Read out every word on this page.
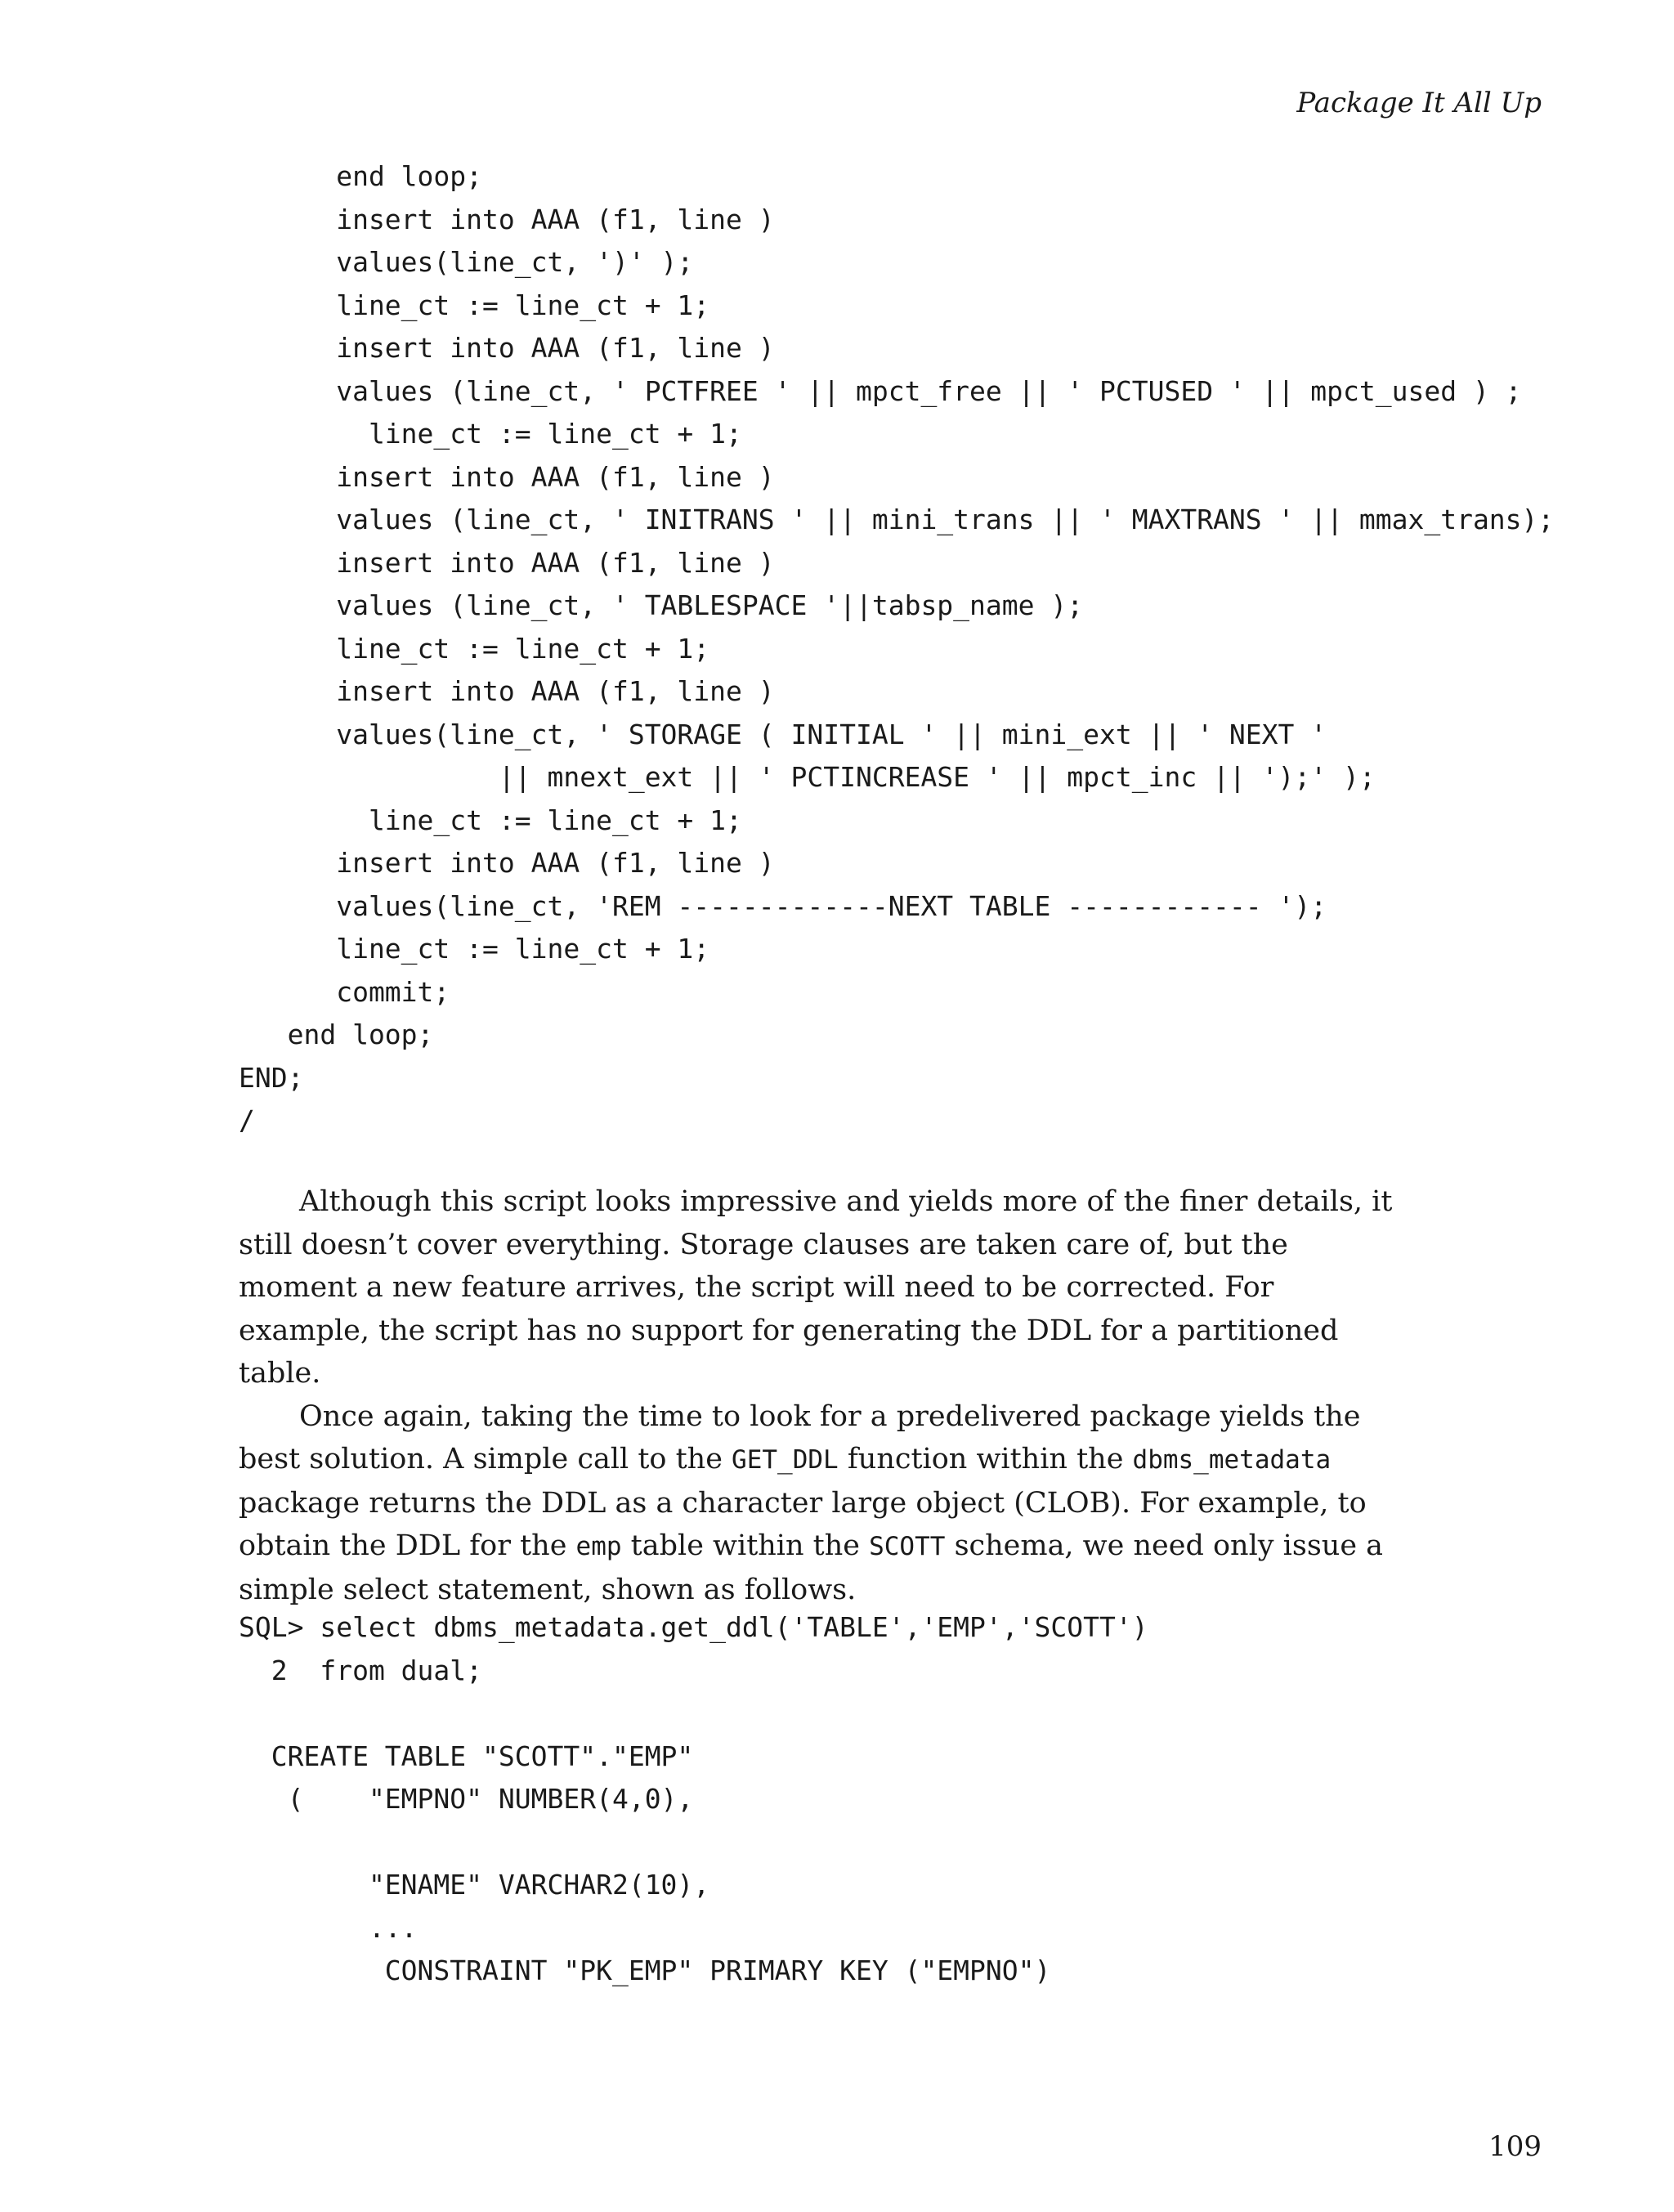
Package It All Up

end loop;
insert into AAA (f1, line )
values(line_ct, ')' );
line_ct := line_ct + 1;
insert into AAA (f1, line )
values (line_ct, ' PCTFREE ' || mpct_free || ' PCTUSED ' || mpct_used ) ;
line_ct := line_ct + 1;
insert into AAA (f1, line )
values (line_ct, ' INITRANS ' || mini_trans || ' MAXTRANS ' || mmax_trans);
insert into AAA (f1, line )
values (line_ct, ' TABLESPACE '||tabsp_name );
line_ct := line_ct + 1;
insert into AAA (f1, line )
values(line_ct, ' STORAGE ( INITIAL ' || mini_ext || ' NEXT '
|| mnext_ext || ' PCTINCREASE ' || mpct_inc || ');' );
line_ct := line_ct + 1;
insert into AAA (f1, line )
values(line_ct, 'REM -------------NEXT TABLE ------------ ');
line_ct := line_ct + 1;
commit;
end loop;
END;
/

Although this script looks impressive and yields more of the finer details, it still doesn’t cover everything. Storage clauses are taken care of, but the moment a new feature arrives, the script will need to be corrected. For example, the script has no support for generating the DDL for a partitioned table.

Once again, taking the time to look for a predelivered package yields the best solution. A simple call to the GET_DDL function within the dbms_metadata package returns the DDL as a character large object (CLOB). For example, to obtain the DDL for the emp table within the SCOTT schema, we need only issue a simple select statement, shown as follows.

SQL> select dbms_metadata.get_ddl('TABLE','EMP','SCOTT')
2  from dual;
CREATE TABLE "SCOTT"."EMP"
(    "EMPNO" NUMBER(4,0),
"ENAME" VARCHAR2(10),
...
CONSTRAINT "PK_EMP" PRIMARY KEY ("EMPNO")

109
